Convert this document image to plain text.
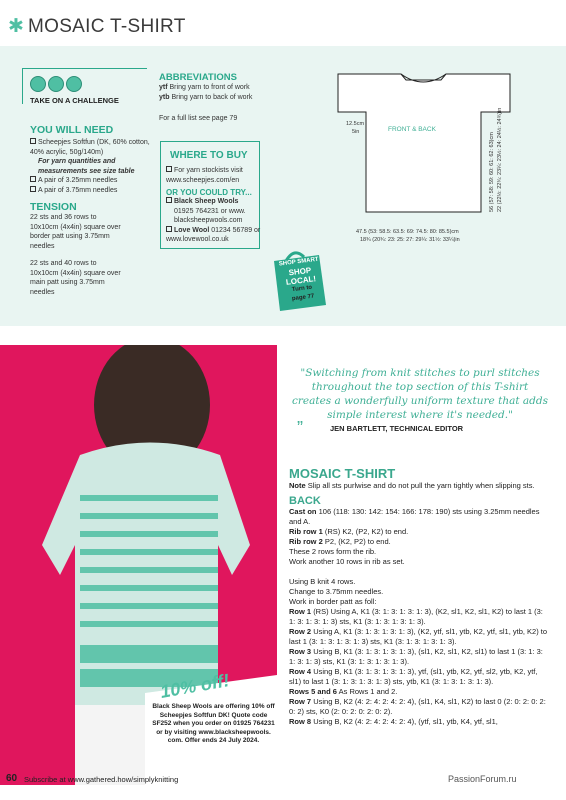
✱ MOSAIC T-SHIRT
TAKE ON A CHALLENGE
YOU WILL NEED
Scheepjes Softfun (DK, 60% cotton, 40% acrylic, 50g/140m)
For yarn quantities and measurements see size table
A pair of 3.25mm needles
A pair of 3.75mm needles
TENSION
22 sts and 36 rows to 10x10cm (4x4in) square over border patt using 3.75mm needles
22 sts and 40 rows to 10x10cm (4x4in) square over main patt using 3.75mm needles
ABBREVIATIONS
ytf Bring yarn to front of work
ytb Bring yarn to back of work
For a full list see page 79
WHERE TO BUY
For yarn stockists visit www.scheepjes.com/en
OR YOU COULD TRY...
Black Sheep Wools
01925 764231 or www. blacksheepwools.com
Love Wool 01234 56789 or www.lovewool.co.uk
SHOP SMART
SHOP
LOCAL!
Turn to
page 77
FRONT & BACK
12.5cm
5in
47.5 (53: 58.5: 63.5: 69: 74.5: 80: 85.5)cm
18¾ (20¾: 23: 25: 27: 29¼: 31½: 33¼)in
56 (57: 58: 59: 60: 61: 62: 63)cm 22 (22½: 22¾: 23¼: 23½: 24: 24½: 24¾)in
10% off!
Black Sheep Wools are offering 10% off Scheepjes Softfun DK! Quote code SF252 when you order on 01925 764231 or by visiting www.blacksheepwools. com. Offer ends 24 July 2024.
"Switching from knit stitches to purl stitches throughout the top section of this T-shirt creates a wonderfully uniform texture that adds simple interest where it's needed."
”	JEN BARTLETT, TECHNICAL EDITOR
MOSAIC T-SHIRT
Note Slip all sts purlwise and do not pull the yarn tightly when slipping sts.
BACK
Cast on 106 (118: 130: 142: 154: 166: 178: 190) sts using 3.25mm needles and A.
Rib row 1 (RS) K2, (P2, K2) to end.
Rib row 2 P2, (K2, P2) to end.
These 2 rows form the rib.
Work another 10 rows in rib as set.
Using B knit 4 rows.
Change to 3.75mm needles.
Work in border patt as foll:
Row 1 (RS) Using A, K1 (3: 1: 3: 1: 3: 1: 3), (K2, sl1, K2, sl1, K2) to last 1 (3: 1: 3: 1: 3: 1: 3) sts, K1 (3: 1: 3: 1: 3: 1: 3).
Row 2 Using A, K1 (3: 1: 3: 1: 3: 1: 3), (K2, ytf, sl1, ytb, K2, ytf, sl1, ytb, K2) to last 1 (3: 1: 3: 1: 3: 1: 3) sts, K1 (3: 1: 3: 1: 3: 1: 3).
Row 3 Using B, K1 (3: 1: 3: 1: 3: 1: 3), (sl1, K2, sl1, K2, sl1) to last 1 (3: 1: 3: 1: 3: 1: 3) sts, K1 (3: 1: 3: 1: 3: 1: 3).
Row 4 Using B, K1 (3: 1: 3: 1: 3: 1: 3), ytf, (sl1, ytb, K2, ytf, sl2, ytb, K2, ytf, sl1) to last 1 (3: 1: 3: 1: 3: 1: 3) sts, ytb, K1 (3: 1: 3: 1: 3: 1: 3).
Rows 5 and 6 As Rows 1 and 2.
Row 7 Using B, K2 (4: 2: 4: 2: 4: 2: 4), (sl1, K4, sl1, K2) to last 0 (2: 0: 2: 0: 2: 0: 2) sts, K0 (2: 0: 2: 0: 2: 0: 2).
Row 8 Using B, K2 (4: 2: 4: 2: 4: 2: 4), (ytf, sl1, ytb, K4, ytf, sl1,
60 Subscribe at www.gathered.how/simplyknitting	PassionForum.ru
